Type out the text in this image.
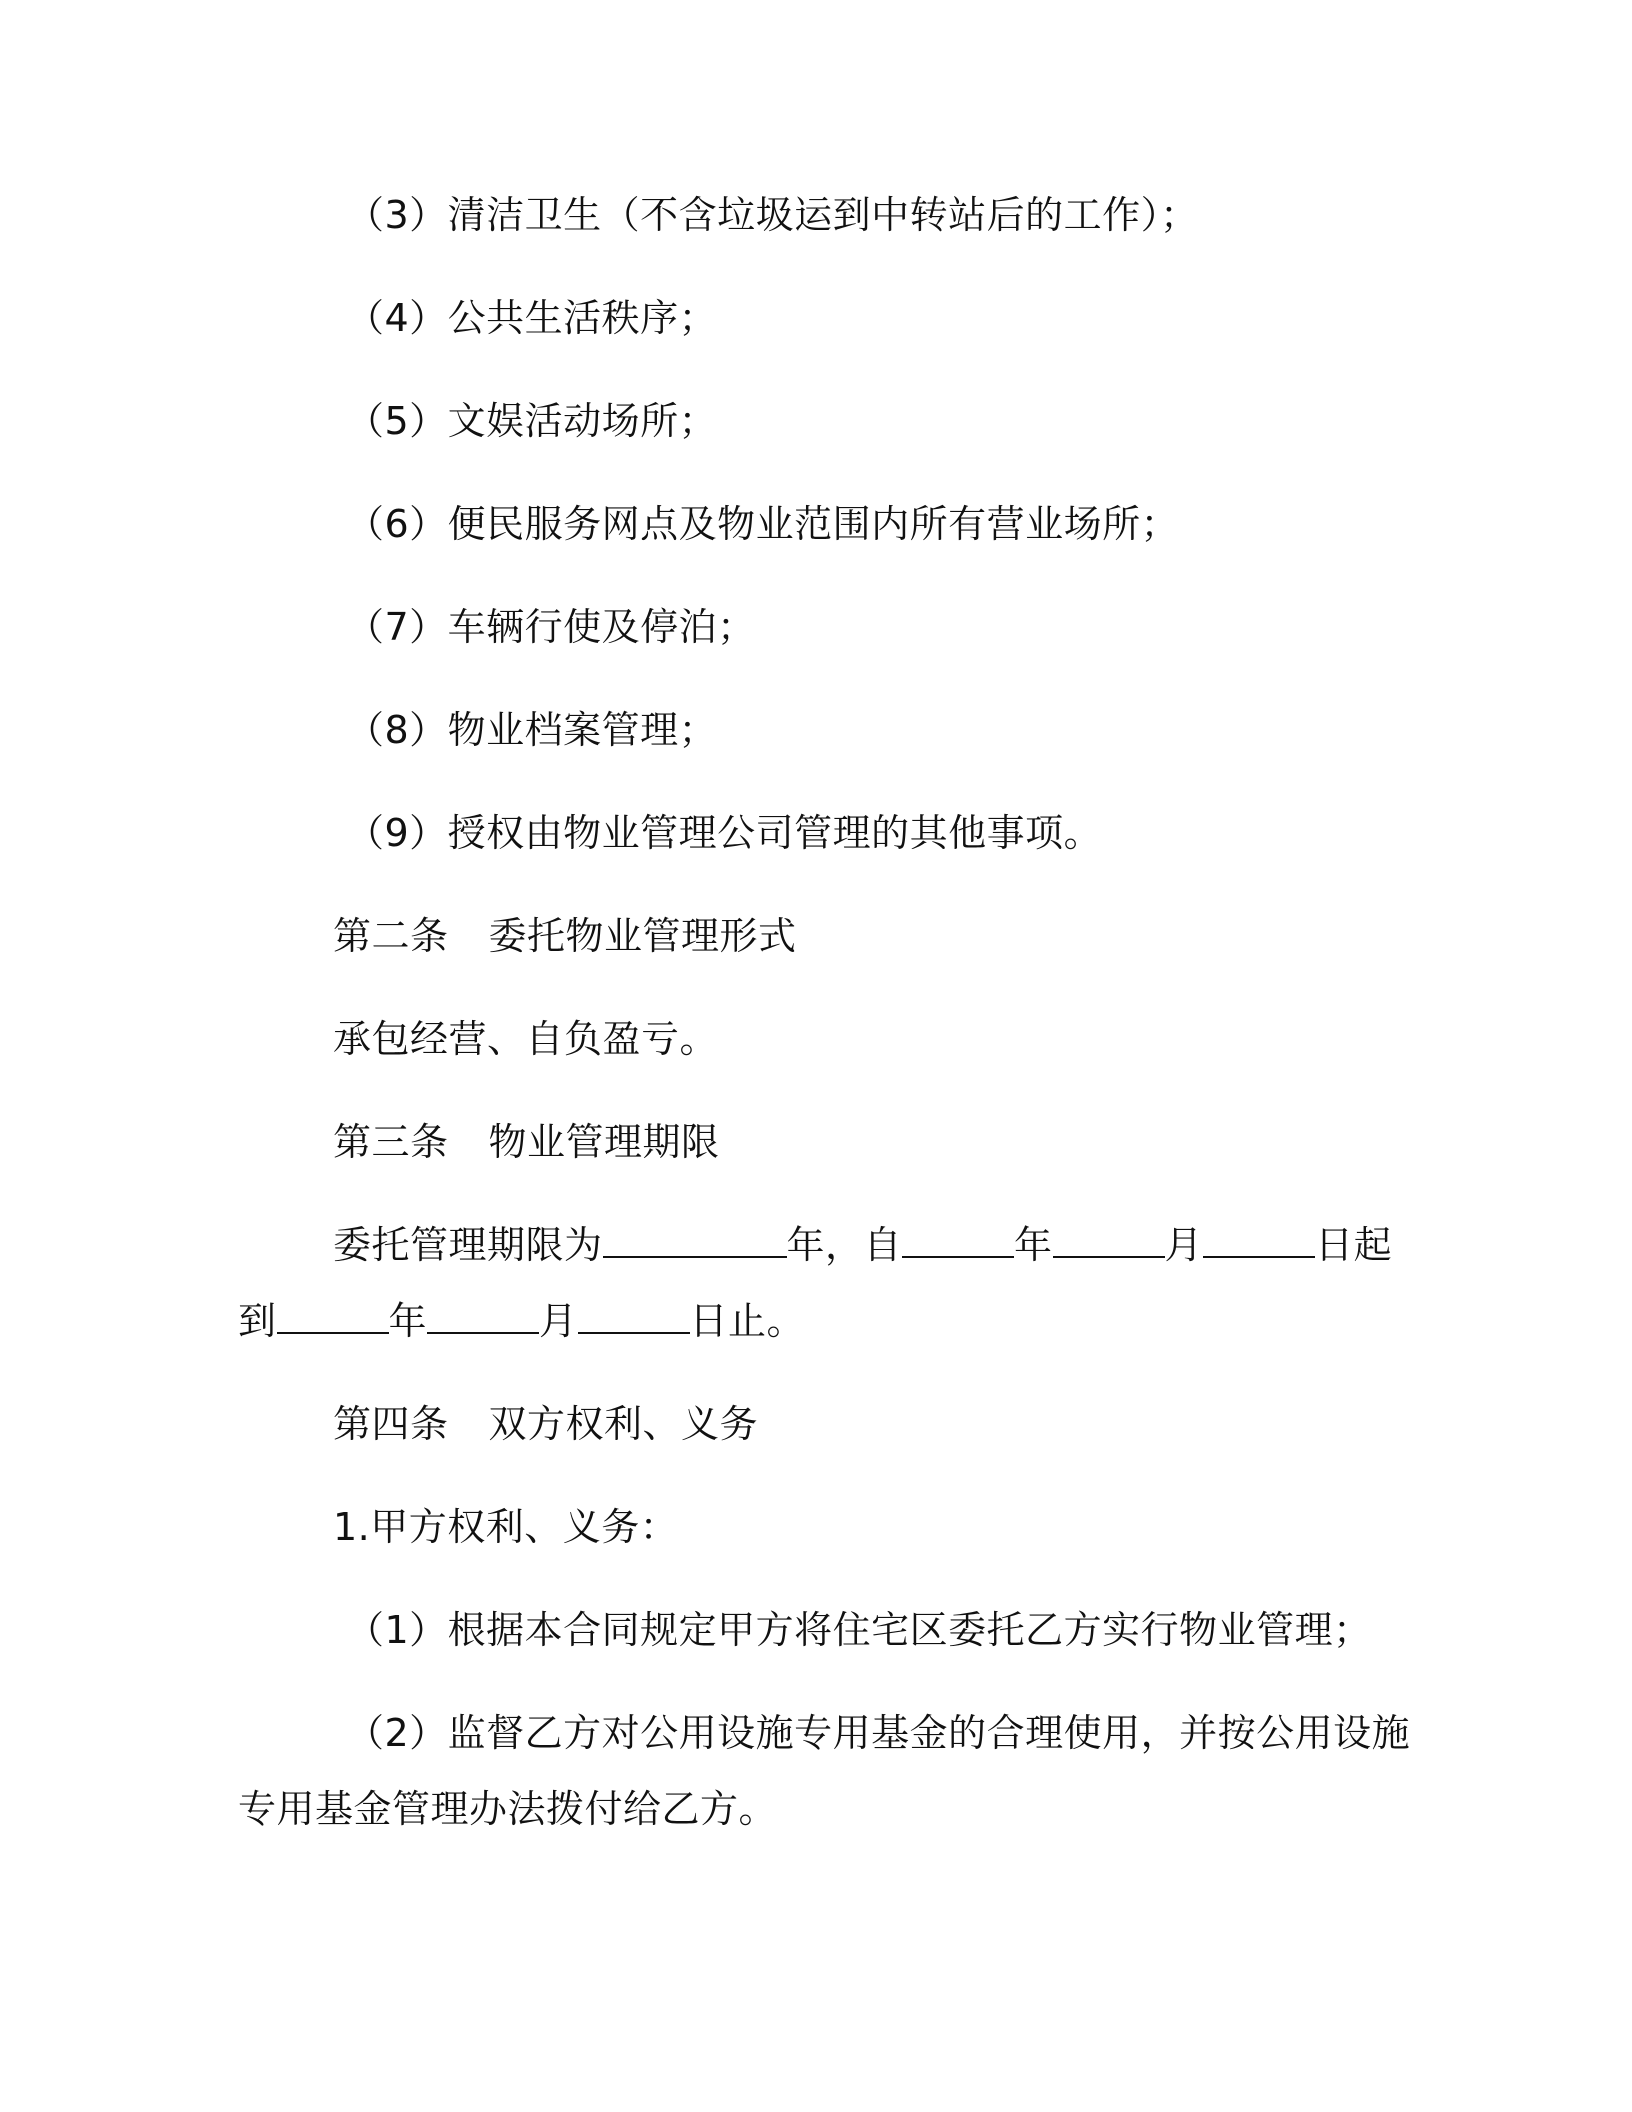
（3）清洁卫生（不含垃圾运到中转站后的工作）；
（4）公共生活秩序；
（5）文娱活动场所；
（6）便民服务网点及物业范围内所有营业场所；
（7）车辆行使及停泊；
（8）物业档案管理；
（9）授权由物业管理公司管理的其他事项。
第二条 委托物业管理形式
承包经营、自负盈亏。
第三条 物业管理期限
委托管理期限为	年，自	年	月	日起
到	年	月	日止。
第四条 双方权利、义务
1.甲方权利、义务：
（1）根据本合同规定甲方将住宅区委托乙方实行物业管理；
（2）监督乙方对公用设施专用基金的合理使用，并按公用设施
专用基金管理办法拨付给乙方。
